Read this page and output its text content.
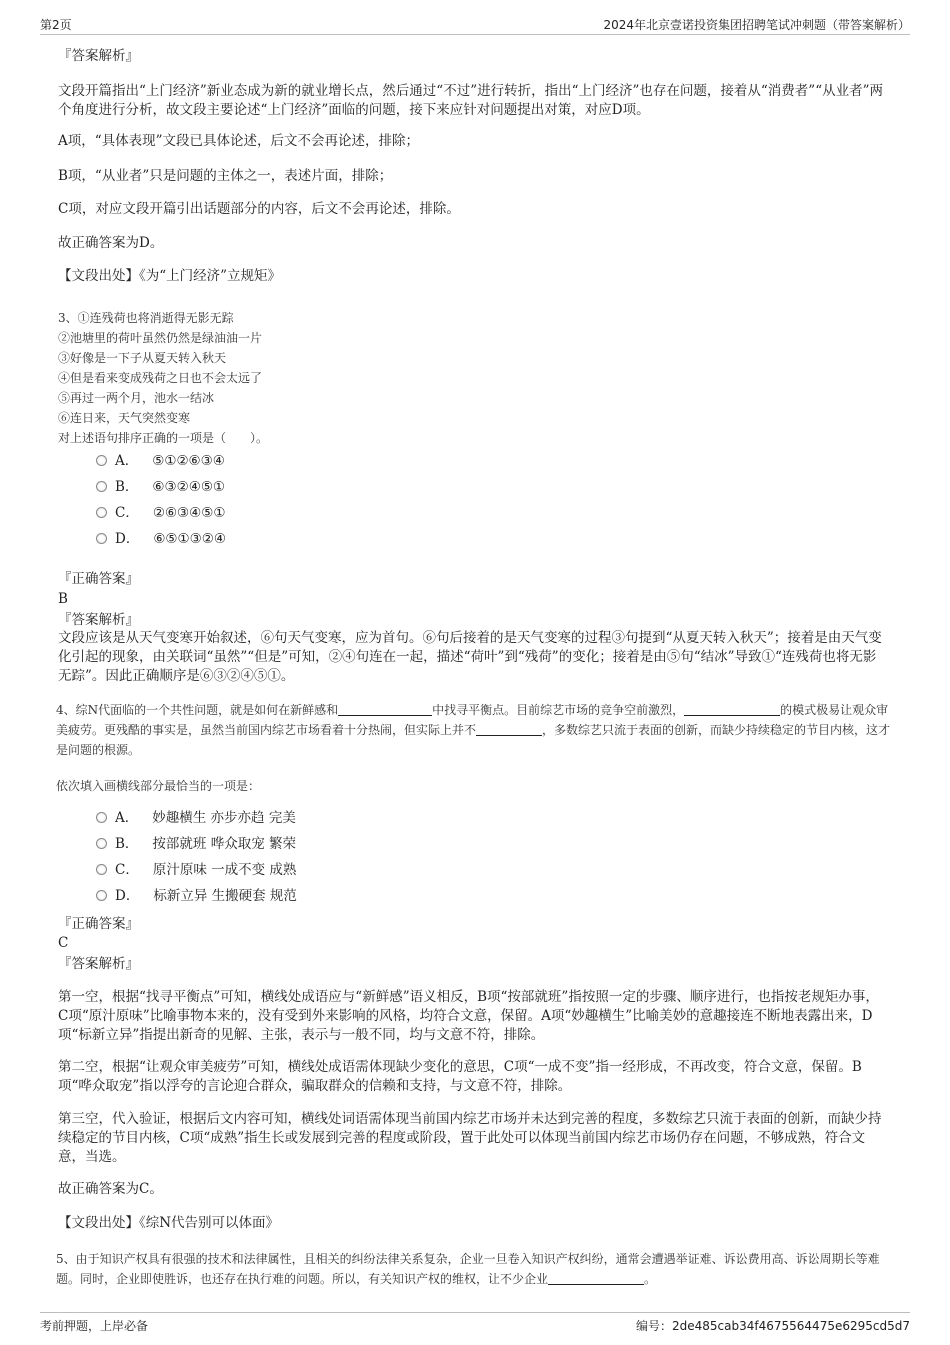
第2页	2024年北京壹诺投资集团招聘笔试冲刺题（带答案解析）
『答案解析』
文段开篇指出“上门经济”新业态成为新的就业增长点，然后通过“不过”进行转折，指出“上门经济”也存在问题，接着从“消费者”“从业者”两个角度进行分析，故文段主要论述“上门经济”面临的问题，接下来应针对问题提出对策，对应D项。
A项，“具体表现”文段已具体论述，后文不会再论述，排除；
B项，“从业者”只是问题的主体之一，表述片面，排除；
C项，对应文段开篇引出话题部分的内容，后文不会再论述，排除。
故正确答案为D。
【文段出处】《为“上门经济”立规矩》

3、①连残荷也将消逝得无影无踪

②池塘里的荷叶虽然仍然是绿油油一片

③好像是一下子从夏天转入秋天

④但是看来变成残荷之日也不会太远了

⑤再过一两个月，池水一结冰

⑥连日来，天气突然变寒

对上述语句排序正确的一项是（　　）。

A． ⑤①②⑥③④
B． ⑥③②④⑤①
C． ②⑥③④⑤①
D． ⑥⑤①③②④
『正确答案』
B
『答案解析』
文段应该是从天气变寒开始叙述，⑥句天气变寒，应为首句。⑥句后接着的是天气变寒的过程③句提到“从夏天转入秋天”；接着是由天气变化引起的现象，由关联词“虽然”“但是”可知，②④句连在一起，描述“荷叶”到“残荷”的变化；接着是由⑤句“结冰”导致①“连残荷也将无影无踪”。因此正确顺序是⑥③②④⑤①。
4、综N代面临的一个共性问题，就是如何在新鲜感和	中找寻平衡点。目前综艺市场的竞争空前激烈，	的模式极易让观众审美疲劳。更残酷的事实是，虽然当前国内综艺市场看着十分热闹，但实际上并不	，多数综艺只流于表面的创新，而缺少持续稳定的节目内核，这才是问题的根源。
依次填入画横线部分最恰当的一项是：
A． 妙趣横生 亦步亦趋 完美
B． 按部就班 哗众取宠 繁荣
C． 原汁原味 一成不变 成熟
D． 标新立异 生搬硬套 规范
『正确答案』
C
『答案解析』
第一空，根据“找寻平衡点”可知，横线处成语应与“新鲜感”语义相反，B项“按部就班”指按照一定的步骤、顺序进行，也指按老规矩办事，C项“原汁原味”比喻事物本来的，没有受到外来影响的风格，均符合文意，保留。A项“妙趣横生”比喻美妙的意趣接连不断地表露出来，D项“标新立异”指提出新奇的见解、主张，表示与一般不同，均与文意不符，排除。
第二空，根据“让观众审美疲劳”可知，横线处成语需体现缺少变化的意思，C项“一成不变”指一经形成，不再改变，符合文意，保留。B项“哗众取宠”指以浮夸的言论迎合群众，骗取群众的信赖和支持，与文意不符，排除。
第三空，代入验证，根据后文内容可知，横线处词语需体现当前国内综艺市场并未达到完善的程度，多数综艺只流于表面的创新，而缺少持续稳定的节目内核，C项“成熟”指生长或发展到完善的程度或阶段，置于此处可以体现当前国内综艺市场仍存在问题，不够成熟，符合文意，当选。
故正确答案为C。
【文段出处】《综N代告别可以体面》
5、由于知识产权具有很强的技术和法律属性，且相关的纠纷法律关系复杂，企业一旦卷入知识产权纠纷，通常会遭遇举证难、诉讼费用高、诉讼周期长等难题。同时，企业即使胜诉，也还存在执行难的问题。所以，有关知识产权的维权，让不少企业	。
考前押题，上岸必备	编号：2de485cab34f4675564475e6295cd5d7
